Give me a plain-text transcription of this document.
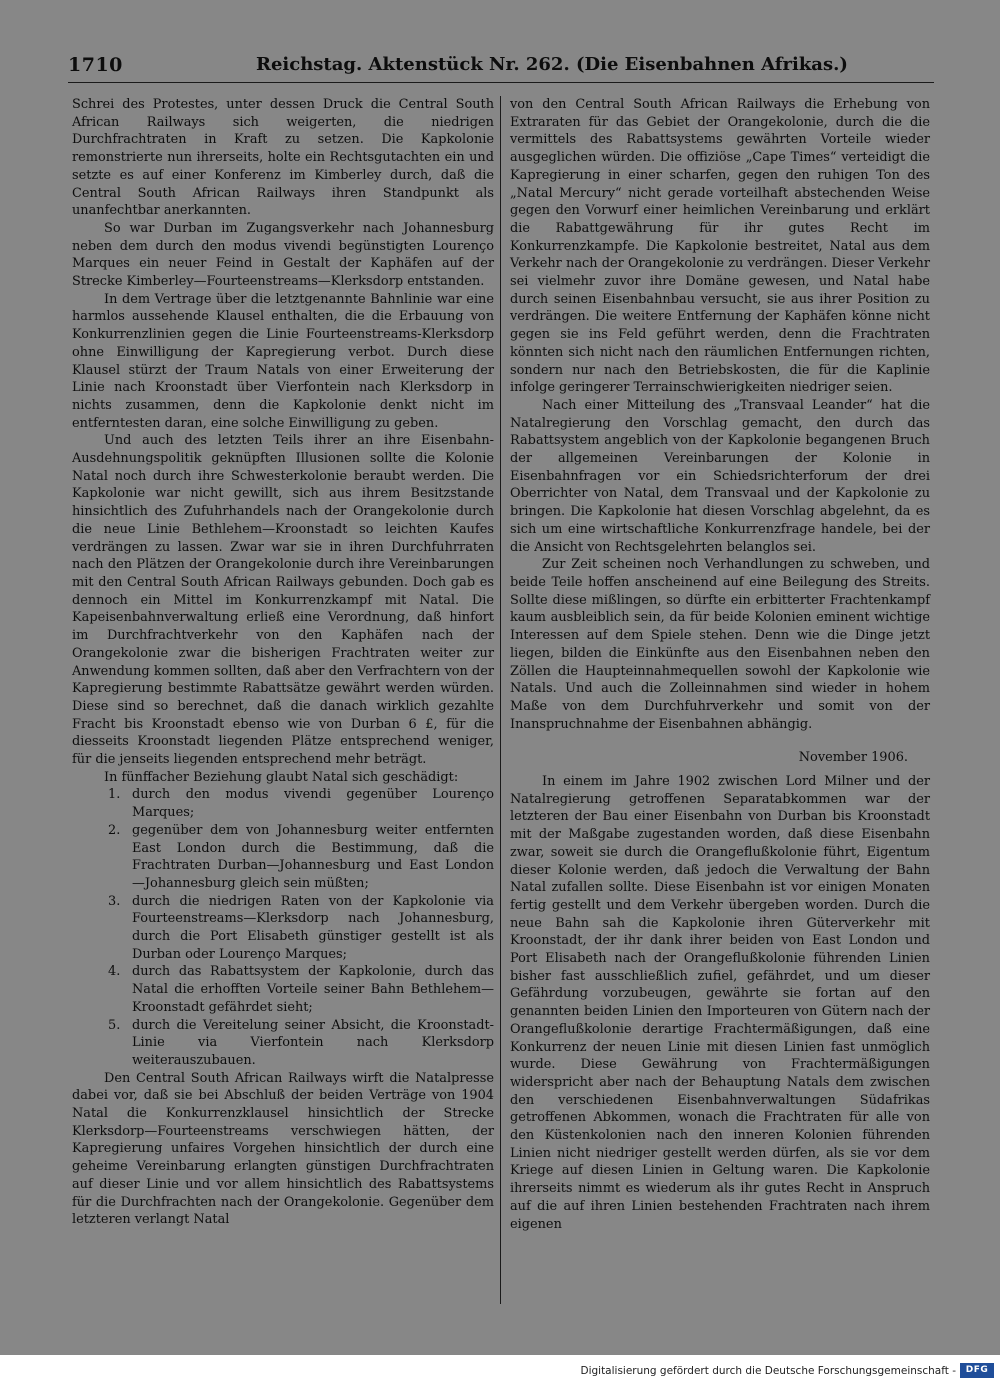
1710	Reichstag. Aktenstück Nr. 262. (Die Eisenbahnen Afrikas.)

Schrei des Protestes, unter dessen Druck die Central South African Railways sich weigerten, die niedrigen Durchfrachtraten in Kraft zu setzen. Die Kapkolonie remonstrierte nun ihrerseits, holte ein Rechtsgutachten ein und setzte es auf einer Konferenz im Kimberley durch, daß die Central South African Railways ihren Standpunkt als unanfechtbar anerkannten.

So war Durban im Zugangsverkehr nach Johannesburg neben dem durch den modus vivendi begünstigten Lourenço Marques ein neuer Feind in Gestalt der Kaphäfen auf der Strecke Kimberley—Fourteenstreams—Klerksdorp entstanden.

In dem Vertrage über die letztgenannte Bahnlinie war eine harmlos aussehende Klausel enthalten, die die Erbauung von Konkurrenzlinien gegen die Linie Fourteenstreams-Klerksdorp ohne Einwilligung der Kapregierung verbot. Durch diese Klausel stürzt der Traum Natals von einer Erweiterung der Linie nach Kroonstadt über Vierfontein nach Klerksdorp in nichts zusammen, denn die Kapkolonie denkt nicht im entferntesten daran, eine solche Einwilligung zu geben.

Und auch des letzten Teils ihrer an ihre Eisenbahn-Ausdehnungspolitik geknüpften Illusionen sollte die Kolonie Natal noch durch ihre Schwesterkolonie beraubt werden. Die Kapkolonie war nicht gewillt, sich aus ihrem Besitzstande hinsichtlich des Zufuhrhandels nach der Orangekolonie durch die neue Linie Bethlehem—Kroonstadt so leichten Kaufes verdrängen zu lassen. Zwar war sie in ihren Durchfuhrraten nach den Plätzen der Orangekolonie durch ihre Vereinbarungen mit den Central South African Railways gebunden. Doch gab es dennoch ein Mittel im Konkurrenzkampf mit Natal. Die Kapeisenbahnverwaltung erließ eine Verordnung, daß hinfort im Durchfrachtverkehr von den Kaphäfen nach der Orangekolonie zwar die bisherigen Frachtraten weiter zur Anwendung kommen sollten, daß aber den Verfrachtern von der Kapregierung bestimmte Rabattsätze gewährt werden würden. Diese sind so berechnet, daß die danach wirklich gezahlte Fracht bis Kroonstadt ebenso wie von Durban 6 £, für die diesseits Kroonstadt liegenden Plätze entsprechend weniger, für die jenseits liegenden entsprechend mehr beträgt.

In fünffacher Beziehung glaubt Natal sich geschädigt:

1. durch den modus vivendi gegenüber Lourenço Marques;
2. gegenüber dem von Johannesburg weiter entfernten East London durch die Bestimmung, daß die Frachtraten Durban—Johannesburg und East London—Johannesburg gleich sein müßten;
3. durch die niedrigen Raten von der Kapkolonie via Fourteenstreams—Klerksdorp nach Johannesburg, durch die Port Elisabeth günstiger gestellt ist als Durban oder Lourenço Marques;
4. durch das Rabattsystem der Kapkolonie, durch das Natal die erhofften Vorteile seiner Bahn Bethlehem—Kroonstadt gefährdet sieht;
5. durch die Vereitelung seiner Absicht, die Kroonstadt-Linie via Vierfontein nach Klerksdorp weiterauszubauen.

Den Central South African Railways wirft die Natalpresse dabei vor, daß sie bei Abschluß der beiden Verträge von 1904 Natal die Konkurrenzklausel hinsichtlich der Strecke Klerksdorp—Fourteenstreams verschwiegen hätten, der Kapregierung unfaires Vorgehen hinsichtlich der durch eine geheime Vereinbarung erlangten günstigen Durchfrachtraten auf dieser Linie und vor allem hinsichtlich des Rabattsystems für die Durchfrachten nach der Orangekolonie. Gegenüber dem letzteren verlangt Natal

von den Central South African Railways die Erhebung von Extraraten für das Gebiet der Orangekolonie, durch die die vermittels des Rabattsystems gewährten Vorteile wieder ausgeglichen würden. Die offiziöse „Cape Times“ verteidigt die Kapregierung in einer scharfen, gegen den ruhigen Ton des „Natal Mercury“ nicht gerade vorteilhaft abstechenden Weise gegen den Vorwurf einer heimlichen Vereinbarung und erklärt die Rabattgewährung für ihr gutes Recht im Konkurrenzkampfe. Die Kapkolonie bestreitet, Natal aus dem Verkehr nach der Orangekolonie zu verdrängen. Dieser Verkehr sei vielmehr zuvor ihre Domäne gewesen, und Natal habe durch seinen Eisenbahnbau versucht, sie aus ihrer Position zu verdrängen. Die weitere Entfernung der Kaphäfen könne nicht gegen sie ins Feld geführt werden, denn die Frachtraten könnten sich nicht nach den räumlichen Entfernungen richten, sondern nur nach den Betriebskosten, die für die Kaplinie infolge geringerer Terrainschwierigkeiten niedriger seien.

Nach einer Mitteilung des „Transvaal Leander“ hat die Natalregierung den Vorschlag gemacht, den durch das Rabattsystem angeblich von der Kapkolonie begangenen Bruch der allgemeinen Vereinbarungen der Kolonie in Eisenbahnfragen vor ein Schiedsrichterforum der drei Oberrichter von Natal, dem Transvaal und der Kapkolonie zu bringen. Die Kapkolonie hat diesen Vorschlag abgelehnt, da es sich um eine wirtschaftliche Konkurrenzfrage handele, bei der die Ansicht von Rechtsgelehrten belanglos sei.

Zur Zeit scheinen noch Verhandlungen zu schweben, und beide Teile hoffen anscheinend auf eine Beilegung des Streits. Sollte diese mißlingen, so dürfte ein erbitterter Frachtenkampf kaum ausbleiblich sein, da für beide Kolonien eminent wichtige Interessen auf dem Spiele stehen. Denn wie die Dinge jetzt liegen, bilden die Einkünfte aus den Eisenbahnen neben den Zöllen die Haupteinnahmequellen sowohl der Kapkolonie wie Natals. Und auch die Zolleinnahmen sind wieder in hohem Maße von dem Durchfuhrverkehr und somit von der Inanspruchnahme der Eisenbahnen abhängig.

November 1906.

In einem im Jahre 1902 zwischen Lord Milner und der Natalregierung getroffenen Separatabkommen war der letzteren der Bau einer Eisenbahn von Durban bis Kroonstadt mit der Maßgabe zugestanden worden, daß diese Eisenbahn zwar, soweit sie durch die Orangeflußkolonie führt, Eigentum dieser Kolonie werden, daß jedoch die Verwaltung der Bahn Natal zufallen sollte. Diese Eisenbahn ist vor einigen Monaten fertig gestellt und dem Verkehr übergeben worden. Durch die neue Bahn sah die Kapkolonie ihren Güterverkehr mit Kroonstadt, der ihr dank ihrer beiden von East London und Port Elisabeth nach der Orangeflußkolonie führenden Linien bisher fast ausschließlich zufiel, gefährdet, und um dieser Gefährdung vorzubeugen, gewährte sie fortan auf den genannten beiden Linien den Importeuren von Gütern nach der Orangeflußkolonie derartige Frachtermäßigungen, daß eine Konkurrenz der neuen Linie mit diesen Linien fast unmöglich wurde. Diese Gewährung von Frachtermäßigungen widerspricht aber nach der Behauptung Natals dem zwischen den verschiedenen Eisenbahnverwaltungen Südafrikas getroffenen Abkommen, wonach die Frachtraten für alle von den Küstenkolonien nach den inneren Kolonien führenden Linien nicht niedriger gestellt werden dürfen, als sie vor dem Kriege auf diesen Linien in Geltung waren. Die Kapkolonie ihrerseits nimmt es wiederum als ihr gutes Recht in Anspruch auf die auf ihren Linien bestehenden Frachtraten nach ihrem eigenen

Digitalisierung gefördert durch die Deutsche Forschungsgemeinschaft -	DFG
